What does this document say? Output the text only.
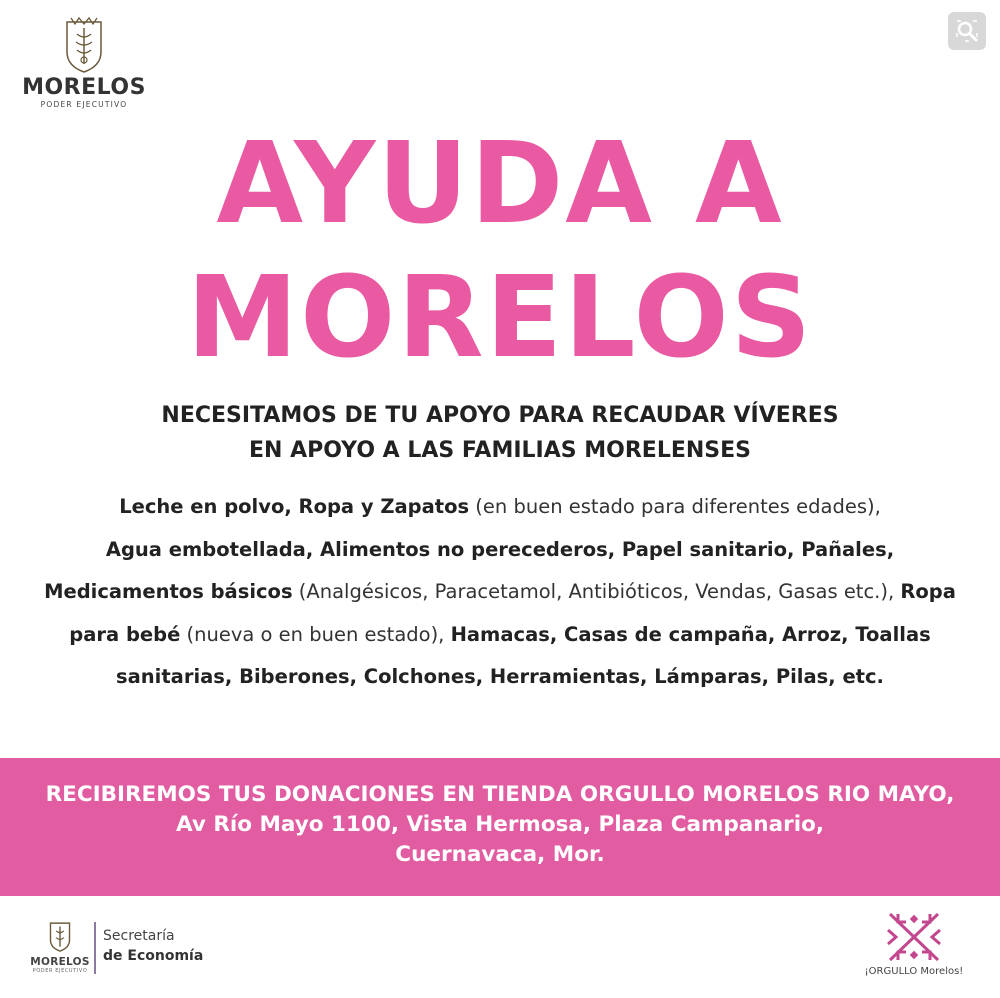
MORELOS
PODER EJECUTIVO
AYUDA A
MORELOS
NECESITAMOS DE TU APOYO PARA RECAUDAR VÍVERES
EN APOYO A LAS FAMILIAS MORELENSES
Leche en polvo, Ropa y Zapatos (en buen estado para diferentes edades),
Agua embotellada, Alimentos no perecederos, Papel sanitario, Pañales,
Medicamentos básicos (Analgésicos, Paracetamol, Antibióticos, Vendas, Gasas etc.), Ropa para bebé (nueva o en buen estado), Hamacas, Casas de campaña, Arroz, Toallas sanitarias, Biberones, Colchones, Herramientas, Lámparas, Pilas, etc.
RECIBIREMOS TUS DONACIONES EN TIENDA ORGULLO MORELOS RIO MAYO,
Av Río Mayo 1100, Vista Hermosa, Plaza Campanario,
Cuernavaca, Mor.
MORELOS
PODER EJECUTIVO
Secretaría
de Economía
¡ORGULLO Morelos!
